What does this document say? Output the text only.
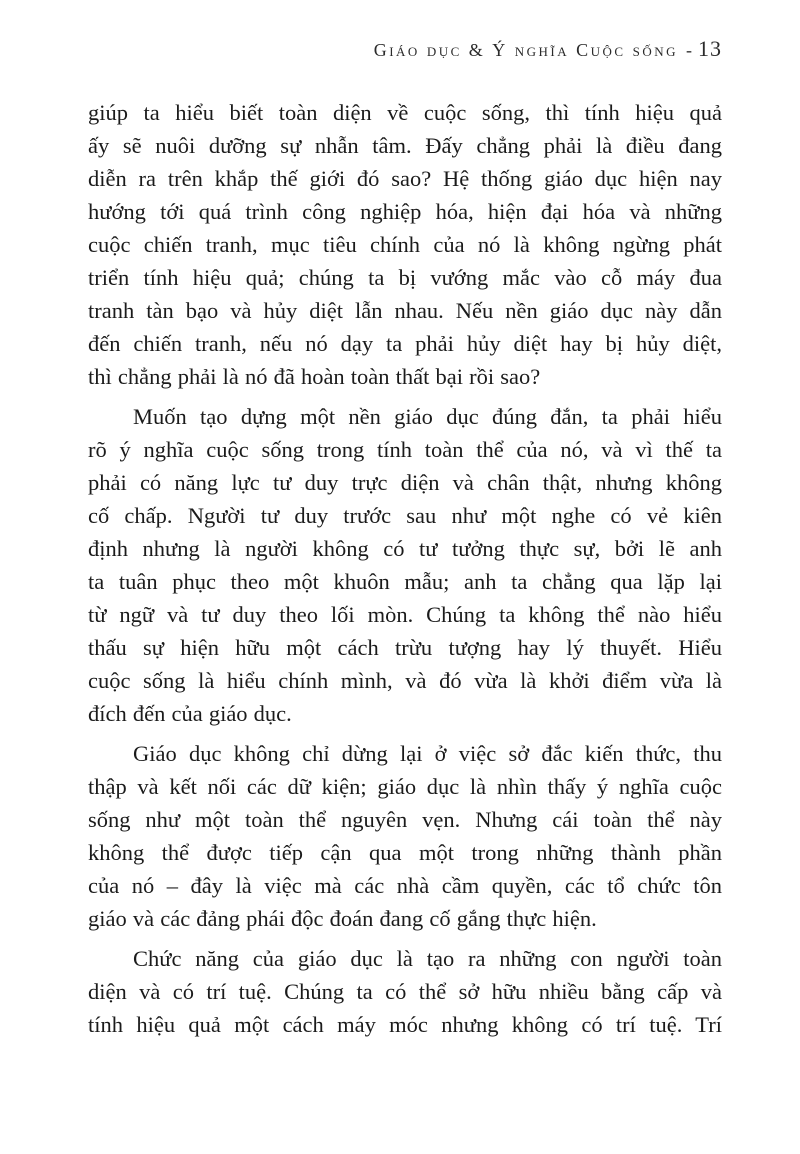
Giáo dục & Ý nghĩa Cuộc sống - 13
giúp ta hiểu biết toàn diện về cuộc sống, thì tính hiệu quả
ấy sẽ nuôi dưỡng sự nhẫn tâm. Đấy chẳng phải là điều đang
diễn ra trên khắp thế giới đó sao? Hệ thống giáo dục hiện nay
hướng tới quá trình công nghiệp hóa, hiện đại hóa và những
cuộc chiến tranh, mục tiêu chính của nó là không ngừng phát
triển tính hiệu quả; chúng ta bị vướng mắc vào cỗ máy đua
tranh tàn bạo và hủy diệt lẫn nhau. Nếu nền giáo dục này dẫn
đến chiến tranh, nếu nó dạy ta phải hủy diệt hay bị hủy diệt,
thì chẳng phải là nó đã hoàn toàn thất bại rồi sao?
Muốn tạo dựng một nền giáo dục đúng đắn, ta phải hiểu
rõ ý nghĩa cuộc sống trong tính toàn thể của nó, và vì thế ta
phải có năng lực tư duy trực diện và chân thật, nhưng không
cố chấp. Người tư duy trước sau như một nghe có vẻ kiên
định nhưng là người không có tư tưởng thực sự, bởi lẽ anh
ta tuân phục theo một khuôn mẫu; anh ta chẳng qua lặp lại
từ ngữ và tư duy theo lối mòn. Chúng ta không thể nào hiểu
thấu sự hiện hữu một cách trừu tượng hay lý thuyết. Hiểu
cuộc sống là hiểu chính mình, và đó vừa là khởi điểm vừa là
đích đến của giáo dục.
Giáo dục không chỉ dừng lại ở việc sở đắc kiến thức, thu
thập và kết nối các dữ kiện; giáo dục là nhìn thấy ý nghĩa cuộc
sống như một toàn thể nguyên vẹn. Nhưng cái toàn thể này
không thể được tiếp cận qua một trong những thành phần
của nó – đây là việc mà các nhà cầm quyền, các tổ chức tôn
giáo và các đảng phái độc đoán đang cố gắng thực hiện.
Chức năng của giáo dục là tạo ra những con người toàn
diện và có trí tuệ. Chúng ta có thể sở hữu nhiều bằng cấp và
tính hiệu quả một cách máy móc nhưng không có trí tuệ. Trí
